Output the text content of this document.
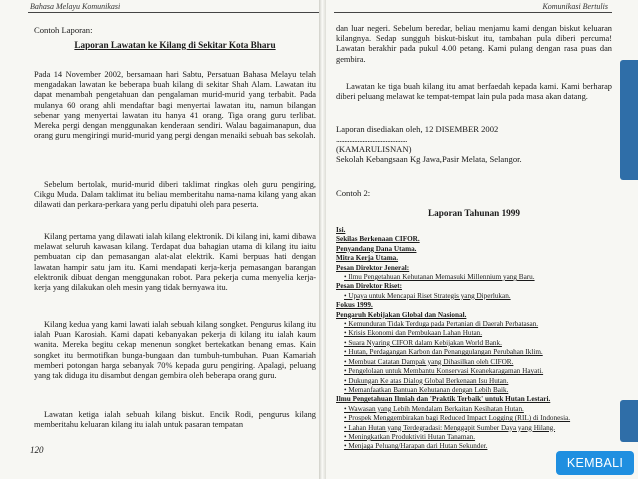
Bahasa Melayu Komunikasi
Contoh Laporan:
Laporan Lawatan ke Kilang di Sekitar Kota Bharu

Pada 14 November 2002, bersamaan hari Sabtu, Persatuan Bahasa Melayu telah mengadakan lawatan ke beberapa buah kilang di sekitar Shah Alam. Lawatan itu dapat menambah pengetahuan dan pengalaman murid-murid yang terbabit. Pada mulanya 60 orang ahli mendaftar bagi menyertai lawatan itu, namun bilangan sebenar yang menyertai lawatan itu hanya 41 orang. Tiga orang guru terlibat. Mereka pergi dengan menggunakan kenderaan sendiri. Walau bagaimanapun, dua orang guru mengiringi murid-murid yang pergi dengan menaiki sebuah bas sekolah.

Sebelum bertolak, murid-murid diberi taklimat ringkas oleh guru pengiring, Cikgu Muda. Dalam taklimat itu beliau memberitahu nama-nama kilang yang akan dilawati dan perkara-perkara yang perlu dipatuhi oleh para peserta.

Kilang pertama yang dilawati ialah kilang elektronik. Di kilang ini, kami dibawa melawat seluruh kawasan kilang. Terdapat dua bahagian utama di kilang itu iaitu pembuatan cip dan pemasangan alat-alat elektrik. Kami berpuas hati dengan lawatan hampir satu jam itu. Kami mendapati kerja-kerja pemasangan barangan elektronik dibuat dengan menggunakan robot. Para pekerja cuma menyelia kerja-kerja yang dilakukan oleh mesin yang tidak bernyawa itu.

Kilang kedua yang kami lawati ialah sebuah kilang songket. Pengurus kilang itu ialah Puan Karosiah. Kami dapati kebanyakan pekerja di kilang itu ialah kaum wanita. Mereka begitu cekap menenun songket bertekatkan benang emas. Kain songket itu bermotifkan bunga-bungaan dan tumbuh-tumbuhan. Puan Kamariah memberi potongan harga sebanyak 70% kepada guru pengiring. Apalagi, peluang yang tak diduga itu disambut dengan gembira oleh beberapa orang guru.

Lawatan ketiga ialah sebuah kilang biskut. Encik Rodi, pengurus kilang memberitahu keluaran kilang itu ialah untuk pasaran tempatan

120
Komunikasi Bertulis

dan luar negeri. Sebelum beredar, beliau menjamu kami dengan biskut keluaran kilangnya. Sedap sungguh biskut-biskut itu, tambahan pula diberi percuma! Lawatan berakhir pada pukul 4.00 petang. Kami pulang dengan rasa puas dan gembira.

Lawatan ke tiga buah kilang itu amat berfaedah kepada kami. Kami berharap diberi peluang melawat ke tempat-tempat lain pula pada masa akan datang.

Laporan disediakan oleh, 12 DISEMBER 2002
...........................................
(KAMARULISNAN)
Sekolah Kebangsaan Kg Jawa,Pasir Melata, Selangor.
Contoh 2:
Laporan Tahunan 1999
Isi.
Sekilas Berkenaan CIFOR.
Penyandang Dana Utama.
Mitra Kerja Utama.
Pesan Direktor Jeneral:
• Ilmu Pengetahuan Kehutanan Memasuki Millennium yang Baru.
Pesan Direktor Riset:
• Upaya untuk Mencapai Riset Strategis yang Diperlukan.
Fokus 1999.
Pengaruh Kebijakan Global dan Nasional.
• Kemunduran Tidak Terduga pada Pertanian di Daerah Perbatasan.
• Krisis Ekonomi dan Pembukaan Lahan Hutan.
• Suara Nyaring CIFOR dalam Kebijakan World Bank.
• Hutan, Perdagangan Karbon dan Penanggulangan Perubahan Iklim.
• Membuat Catatan Dampak yang Dihasilkan oleh CIFOR.
• Pengelolaan untuk Membantu Konservasi Keanekaragaman Hayati.
• Dukungan Ke atas Dialog Global Berkenaan Isu Hutan.
• Memanfaatkan Bantuan Kehutanan dengan Lebih Baik.
Ilmu Pengetahuan Ilmiah dan 'Praktik Terbaik' untuk Hutan Lestari.
• Wawasan yang Lebih Mendalam Berkaitan Kesihatan Hutan.
• Prospek Menggembirakan bagi Reduced Impact Logging (RIL) di Indonesia.
• Lahan Hutan yang Terdegradasi: Menggapit Sumber Daya yang Hilang.
• Meningkatkan Produktiviti Hutan Tanaman.
• Menjaga Peluang/Harapan dari Hutan Sekunder.
KEMBALI
